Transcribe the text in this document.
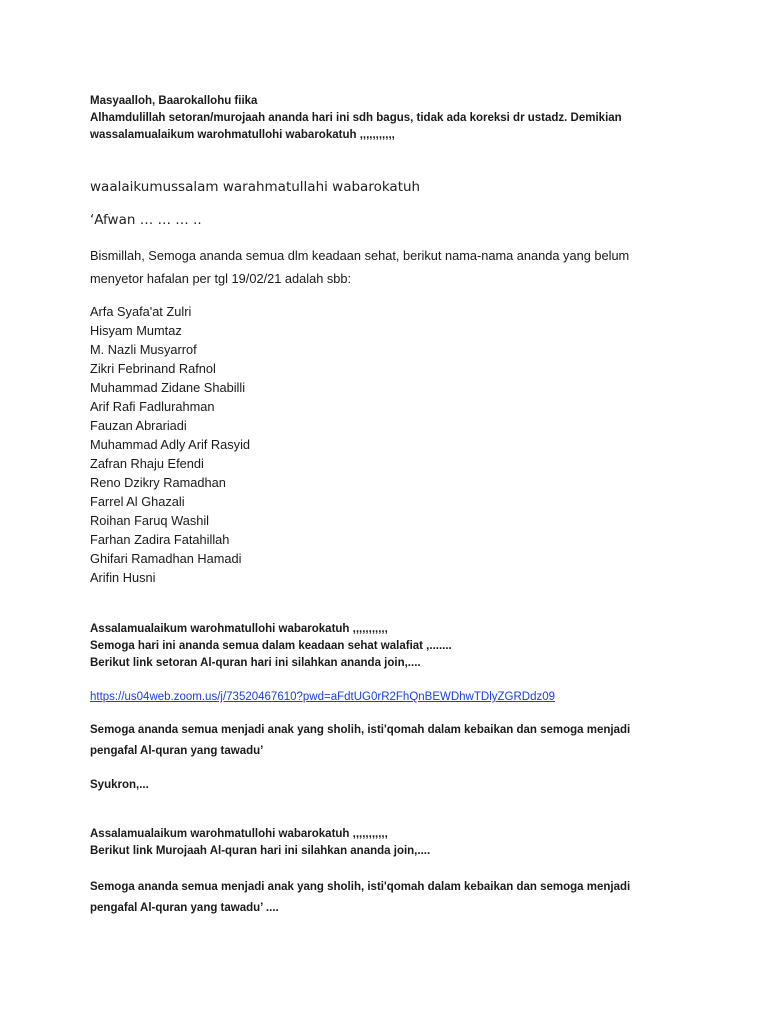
Masyaalloh, Baarokallohu fiika
Alhamdulillah setoran/murojaah ananda hari ini sdh bagus, tidak ada koreksi dr ustadz. Demikian
wassalamualaikum warohmatullohi wabarokatuh ,,,,,,,,,,,
waalaikumussalam warahmatullahi wabarokatuh
‘Afwan … … … ..
Bismillah, Semoga ananda semua dlm keadaan sehat, berikut nama-nama ananda yang belum
menyetor hafalan per tgl 19/02/21 adalah sbb:
Arfa Syafa'at Zulri
Hisyam Mumtaz
M. Nazli Musyarrof
Zikri Febrinand Rafnol
Muhammad Zidane Shabilli
Arif Rafi Fadlurahman
Fauzan Abrariadi
Muhammad Adly Arif Rasyid
Zafran Rhaju Efendi
Reno Dzikry Ramadhan
Farrel Al Ghazali
Roihan Faruq Washil
Farhan Zadira Fatahillah
Ghifari Ramadhan Hamadi
Arifin Husni
Assalamualaikum warohmatullohi wabarokatuh ,,,,,,,,,,,
Semoga hari ini ananda semua dalam keadaan sehat walafiat ,.......
Berikut link setoran Al-quran hari ini silahkan ananda join,....
https://us04web.zoom.us/j/73520467610?pwd=aFdtUG0rR2FhQnBEWDhwTDlyZGRDdz09
Semoga ananda semua menjadi anak yang sholih, isti'qomah dalam kebaikan dan semoga menjadi
pengafal Al-quran yang tawadu’
Syukron,...
Assalamualaikum warohmatullohi wabarokatuh ,,,,,,,,,,,
Berikut link Murojaah Al-quran hari ini silahkan ananda join,....
Semoga ananda semua menjadi anak yang sholih, isti'qomah dalam kebaikan dan semoga menjadi
pengafal Al-quran yang tawadu’ ....
